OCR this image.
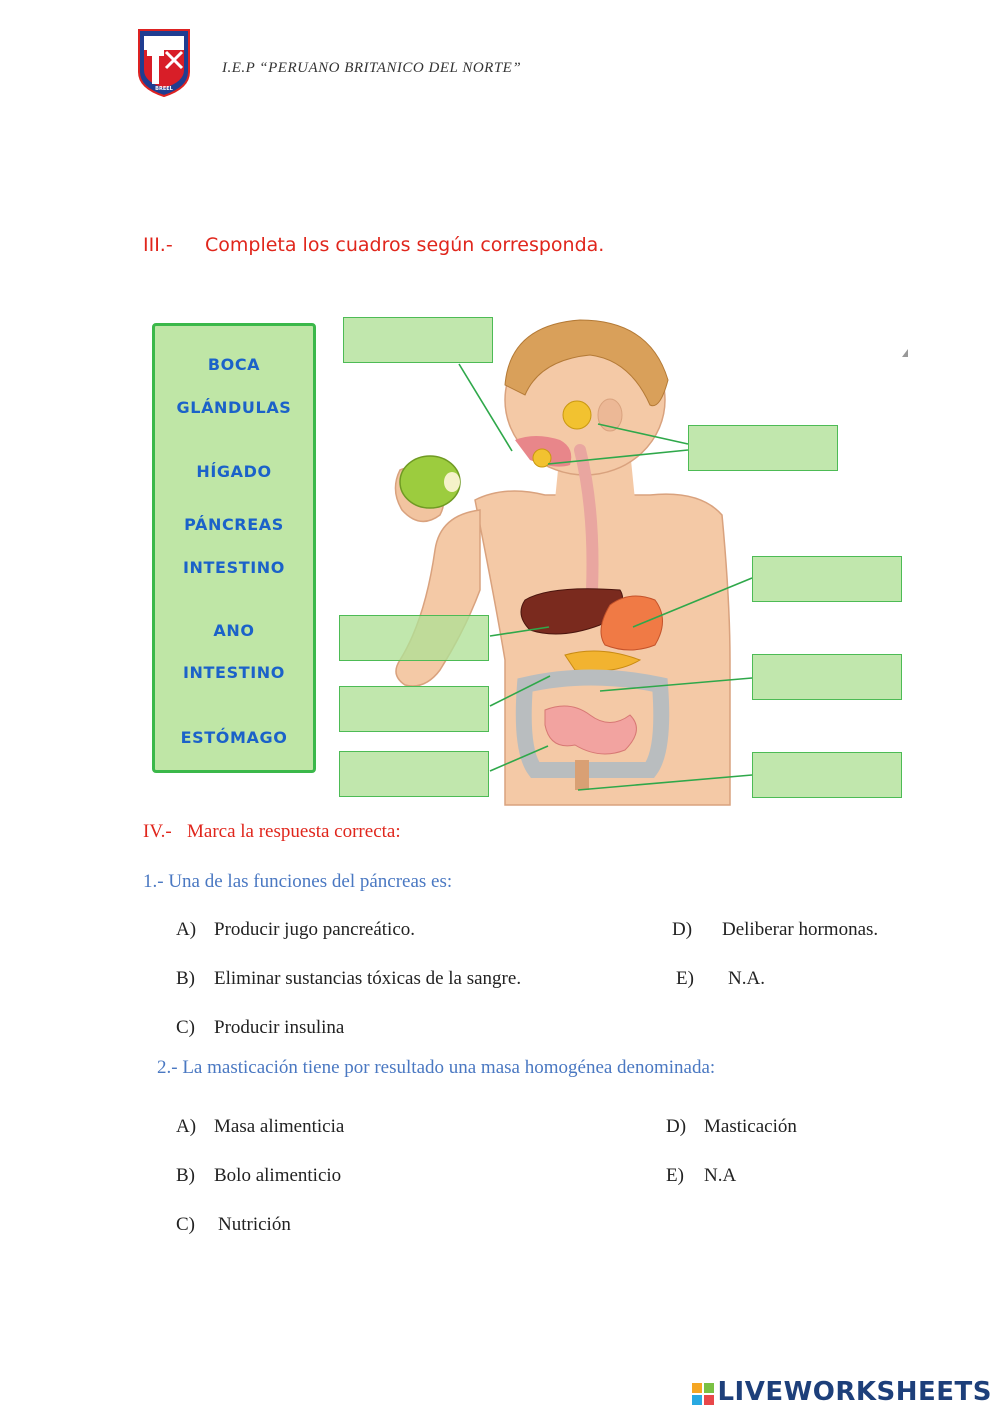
BREEL
I.E.P “PERUANO BRITANICO DEL NORTE”
III.- Completa los cuadros según corresponda.
BOCA
GLÁNDULAS
HÍGADO
PÁNCREAS
INTESTINO
ANO
INTESTINO
ESTÓMAGO
IV.- Marca la respuesta correcta:
1.- Una de las funciones del páncreas es:
A) Producir jugo pancreático.
B) Eliminar sustancias tóxicas de la sangre.
C) Producir insulina
D) Deliberar hormonas.
E) N.A.
2.- La masticación tiene por resultado una masa homogénea denominada:
A) Masa alimenticia
B) Bolo alimenticio
C) Nutrición
D) Masticación
E) N.A
LIVEWORKSHEETS
